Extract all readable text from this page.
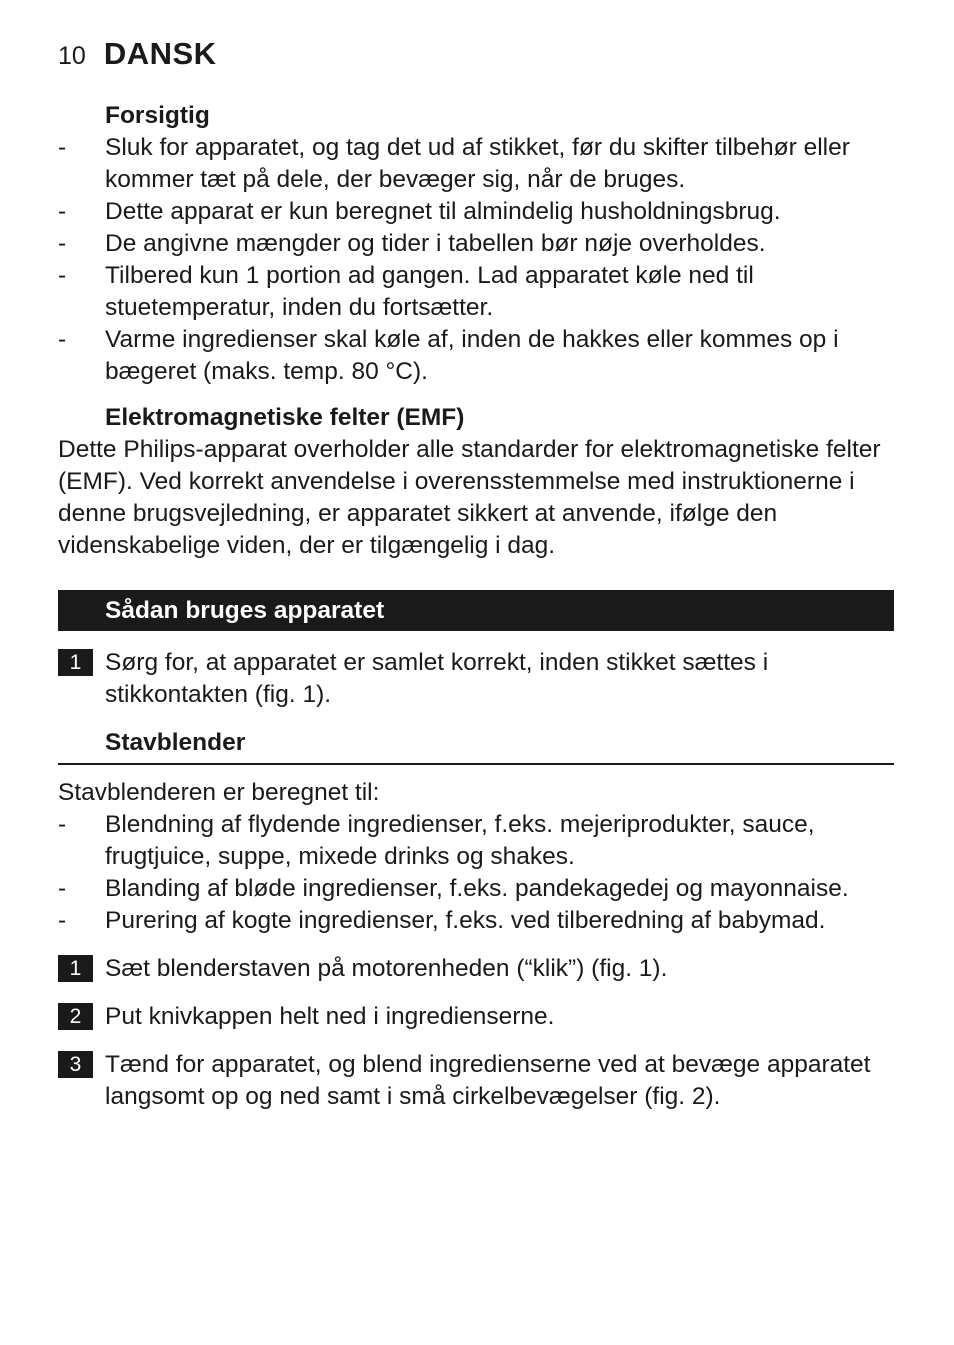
10 DANSK
Forsigtig
-	Sluk for apparatet, og tag det ud af stikket, før du skifter tilbehør eller kommer tæt på dele, der bevæger sig, når de bruges.
-	Dette apparat er kun beregnet til almindelig husholdningsbrug.
-	De angivne mængder og tider i tabellen bør nøje overholdes.
-	Tilbered kun 1 portion ad gangen. Lad apparatet køle ned til stuetemperatur, inden du fortsætter.
-	Varme ingredienser skal køle af, inden de hakkes eller kommes op i bægeret (maks. temp. 80 °C).
Elektromagnetiske felter (EMF)
Dette Philips-apparat overholder alle standarder for elektromagnetiske felter (EMF). Ved korrekt anvendelse i overensstemmelse med instruktionerne i denne brugsvejledning, er apparatet sikkert at anvende, ifølge den videnskabelige viden, der er tilgængelig i dag.
Sådan bruges apparatet
1 Sørg for, at apparatet er samlet korrekt, inden stikket sættes i stikkontakten (fig. 1).
Stavblender
Stavblenderen er beregnet til:
-	Blendning af flydende ingredienser, f.eks. mejeriprodukter, sauce, frugtjuice, suppe, mixede drinks og shakes.
-	Blanding af bløde ingredienser, f.eks. pandekagedej og mayonnaise.
-	Purering af kogte ingredienser, f.eks. ved tilberedning af babymad.
1 Sæt blenderstaven på motorenheden (“klik”) (fig. 1).
2 Put knivkappen helt ned i ingredienserne.
3 Tænd for apparatet, og blend ingredienserne ved at bevæge apparatet langsomt op og ned samt i små cirkelbevægelser (fig. 2).
